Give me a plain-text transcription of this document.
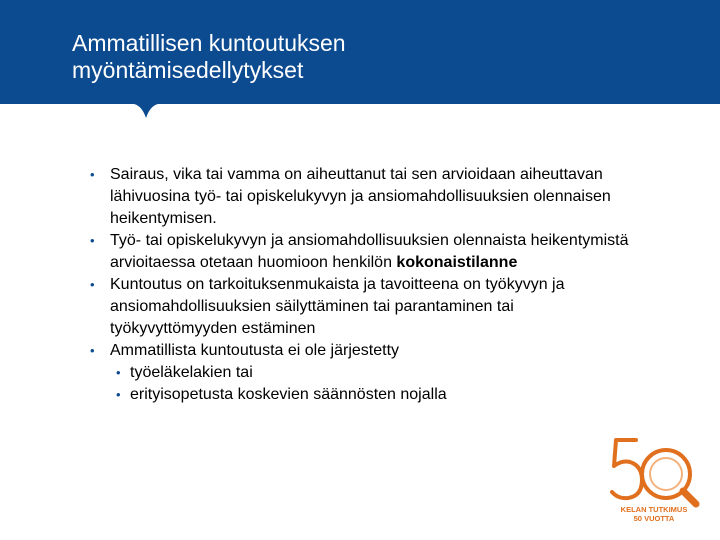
Ammatillisen kuntoutuksen
myöntämisedellytykset
• Sairaus, vika tai vamma on aiheuttanut tai sen arvioidaan aiheuttavan lähivuosina työ- tai opiskelukyvyn ja ansiomahdollisuuksien olennaisen heikentymisen.
• Työ- tai opiskelukyvyn ja ansiomahdollisuuksien olennaista heikentymistä arvioitaessa otetaan huomioon henkilön kokonaistilanne
• Kuntoutus on tarkoituksenmukaista ja tavoitteena on työkyvyn ja ansiomahdollisuuksien säilyttäminen tai parantaminen tai työkyvyttömyyden estäminen
• Ammatillista kuntoutusta ei ole järjestetty
• työeläkelakien tai
• erityisopetusta koskevien säännösten nojalla
KELAN TUTKIMUS
50 VUOTTA
